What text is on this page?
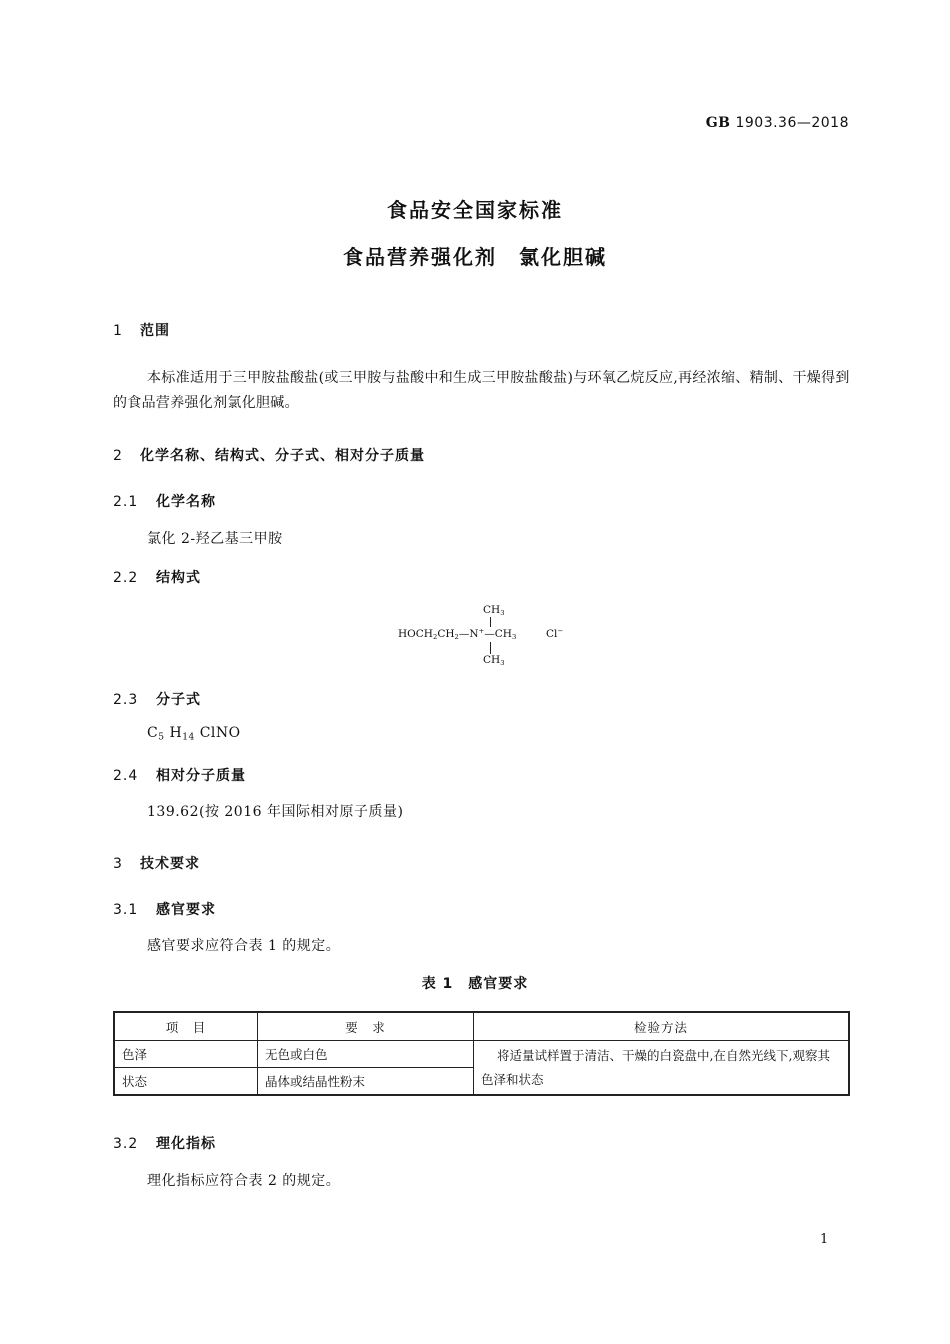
GB 1903.36—2018
食品安全国家标准
食品营养强化剂　氯化胆碱
1 范围
本标准适用于三甲胺盐酸盐(或三甲胺与盐酸中和生成三甲胺盐酸盐)与环氧乙烷反应,再经浓缩、精制、干燥得到的食品营养强化剂氯化胆碱。
2 化学名称、结构式、分子式、相对分子质量
2.1 化学名称
氯化 2-羟乙基三甲胺
2.2 结构式
$CH_3$
$HOCH_2CH_2—N^+—CH_3$	Cl−
$CH_3$
2.3 分子式
$C_5$ $H_{14}$ ClNO
2.4 相对分子质量
139.62(按 2016 年国际相对原子质量)
3 技术要求
3.1 感官要求
感官要求应符合表 1 的规定。
表 1　感官要求
项　目	要　求	检验方法
色泽	无色或白色	将适量试样置于清洁、干燥的白瓷盘中,在自然光线下,观察其色泽和状态
状态	晶体或结晶性粉末	
3.2 理化指标
理化指标应符合表 2 的规定。
1
